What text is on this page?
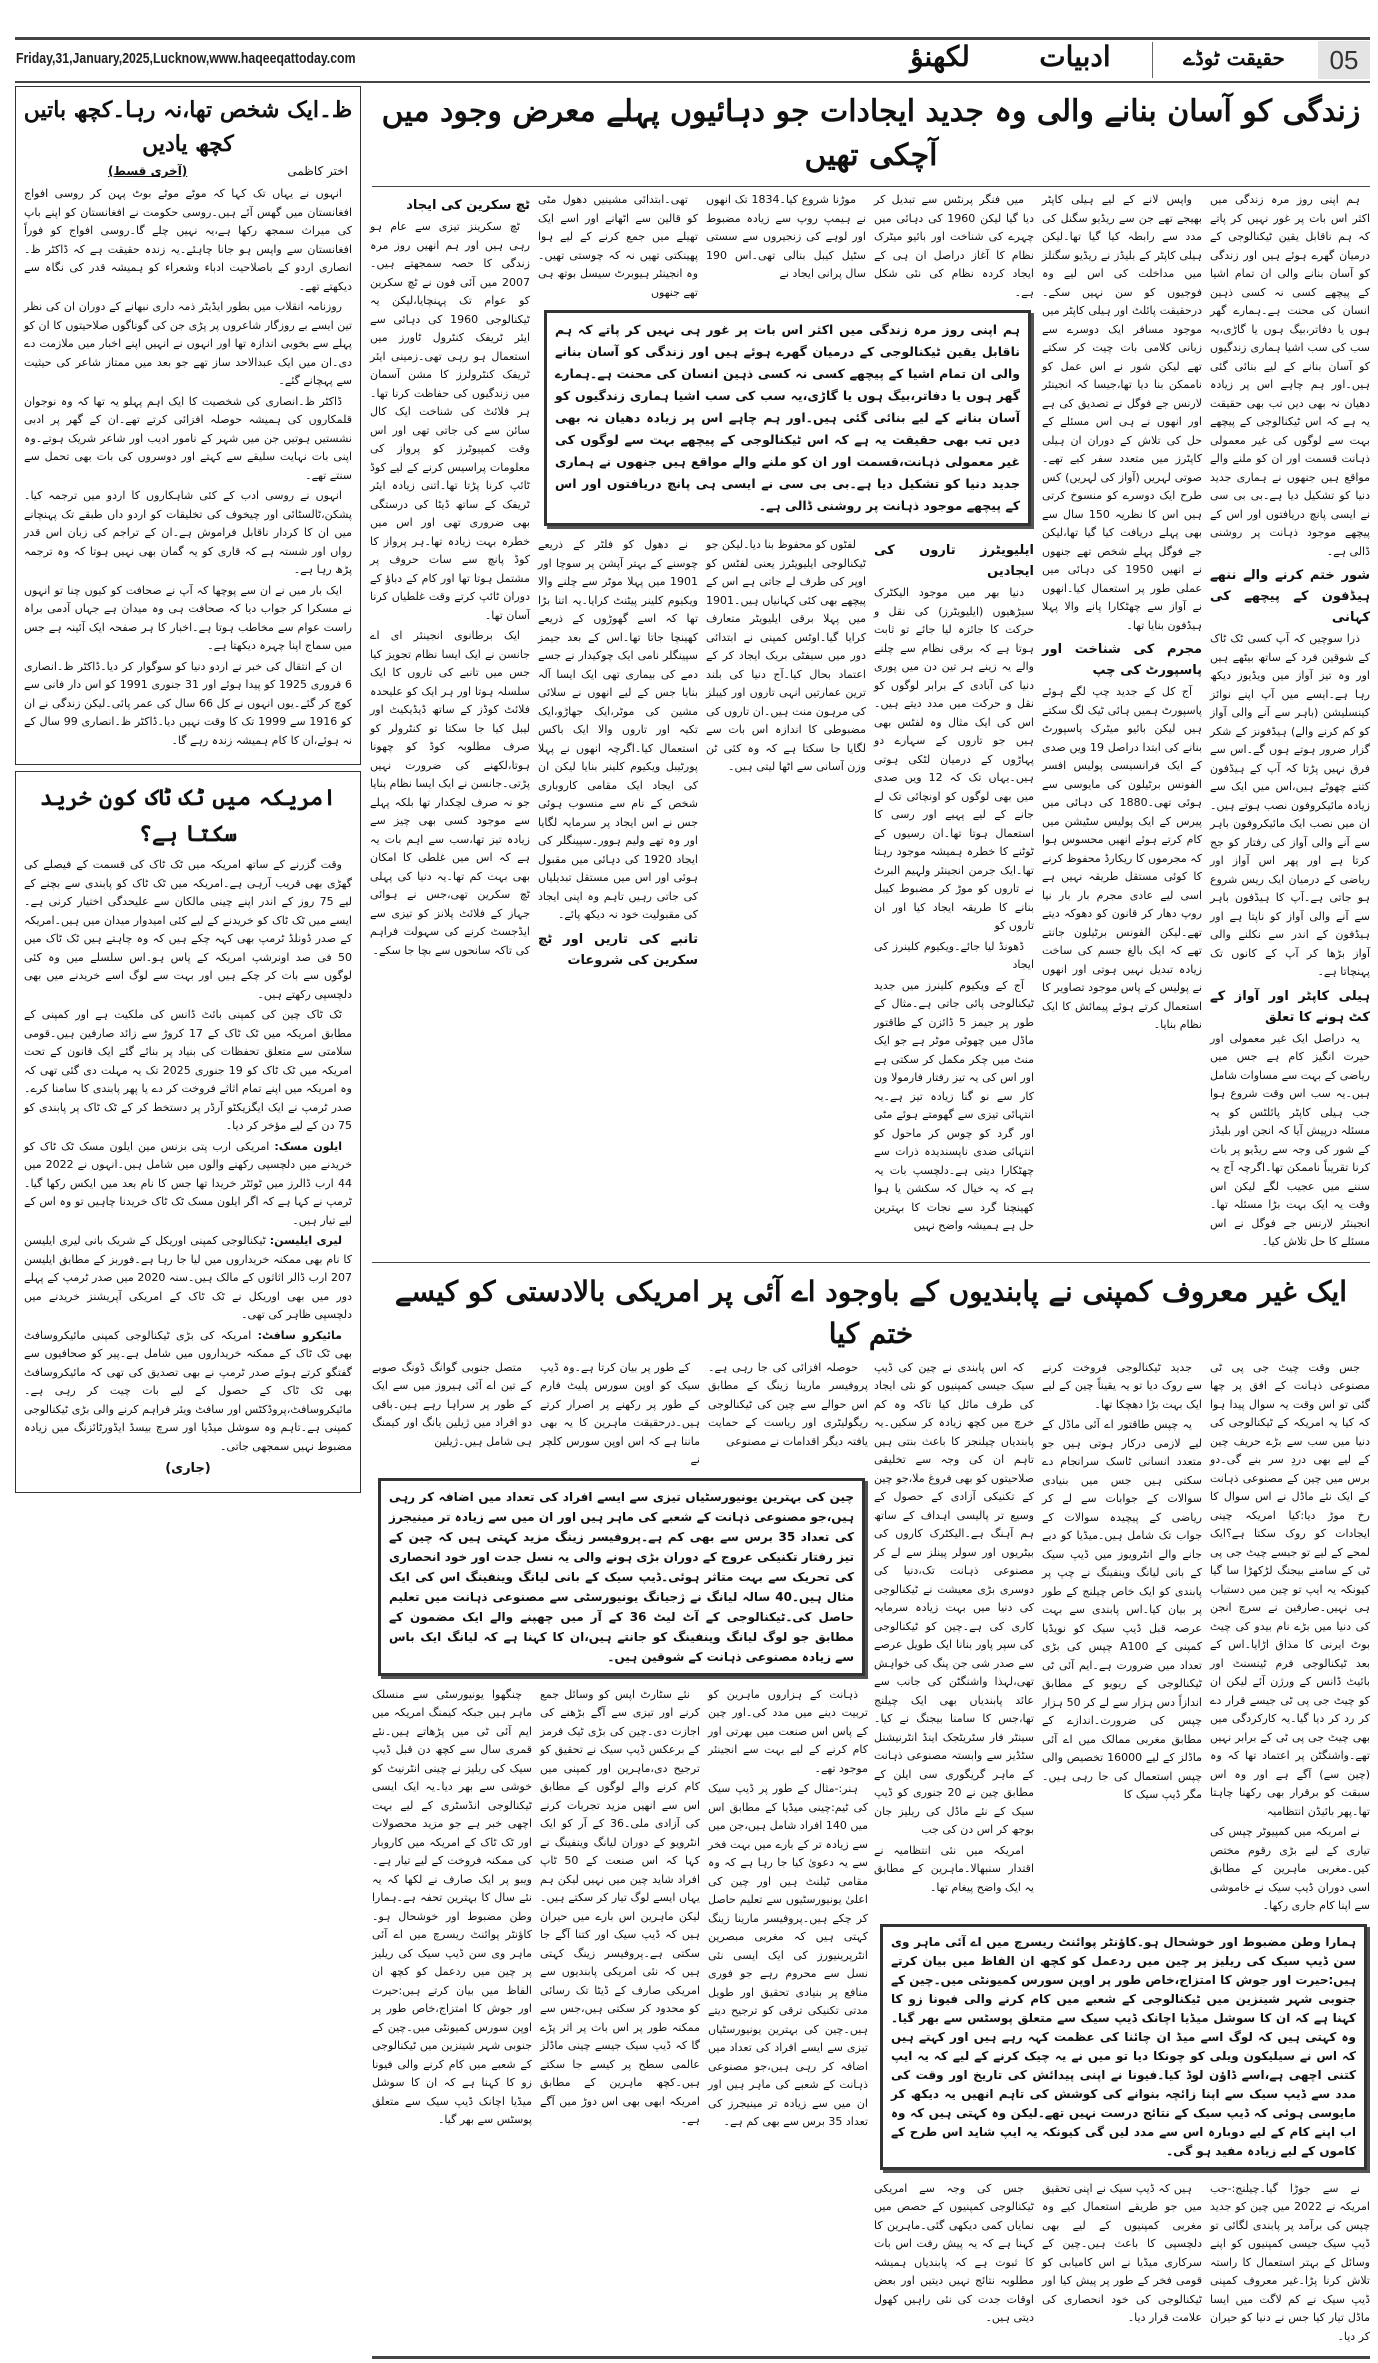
Friday,31,January,2025,Lucknow,www.haqeeqattoday.com	لکھنؤ	ادبیات	حقیقت ٹوڈے	05
ظ۔ایک شخص تھا،نہ رہا۔کچھ باتیں کچھ یادیں
اختر کاظمی
(آخری قسط)

انہوں نے یہاں تک کہا کہ موٹے موٹے بوٹ پہن کر روسی افواج افغانستان میں گھس آئے ہیں۔روسی حکومت نے افغانستان کو اپنے باپ کی میراث سمجھ رکھا ہے،یہ نہیں چلے گا۔روسی افواج کو فوراً افغانستان سے واپس ہو جانا چاہئے۔یہ زندہ حقیقت ہے کہ ڈاکٹر ظ۔انصاری اردو کے باصلاحیت ادباء وشعراء کو ہمیشہ قدر کی نگاہ سے دیکھتے تھے۔

روزنامہ انقلاب میں بطور ایڈیٹر ذمہ داری نبھانے کے دوران ان کی نظر تین ایسے بے روزگار شاعروں پر پڑی جن کی گوناگوں صلاحیتوں کا ان کو پہلے سے بخوبی اندازہ تھا اور انہوں نے انہیں اپنے اخبار میں ملازمت دے دی۔ان میں ایک عبدالاحد ساز تھے جو بعد میں ممتاز شاعر کی حیثیت سے پہچانے گئے۔

ڈاکٹر ظ۔انصاری کی شخصیت کا ایک اہم پہلو یہ تھا کہ وہ نوجوان قلمکاروں کی ہمیشہ حوصلہ افزائی کرتے تھے۔ان کے گھر پر ادبی نشستیں ہوتیں جن میں شہر کے نامور ادیب اور شاعر شریک ہوتے۔وہ اپنی بات نہایت سلیقے سے کہتے اور دوسروں کی بات بھی تحمل سے سنتے تھے۔

انہوں نے روسی ادب کے کئی شاہکاروں کا اردو میں ترجمہ کیا۔پشکن،ٹالسٹائی اور چیخوف کی تخلیقات کو اردو داں طبقے تک پہنچانے میں ان کا کردار ناقابل فراموش ہے۔ان کے تراجم کی زبان اس قدر رواں اور شستہ ہے کہ قاری کو یہ گمان بھی نہیں ہوتا کہ وہ ترجمہ پڑھ رہا ہے۔

ایک بار میں نے ان سے پوچھا کہ آپ نے صحافت کو کیوں چنا تو انہوں نے مسکرا کر جواب دیا کہ صحافت ہی وہ میدان ہے جہاں آدمی براہ راست عوام سے مخاطب ہوتا ہے۔اخبار کا ہر صفحہ ایک آئینہ ہے جس میں سماج اپنا چہرہ دیکھتا ہے۔

ان کے انتقال کی خبر نے اردو دنیا کو سوگوار کر دیا۔ڈاکٹر ظ۔انصاری 6 فروری 1925 کو پیدا ہوئے اور 31 جنوری 1991 کو اس دار فانی سے کوچ کر گئے۔یوں انہوں نے کل 66 سال کی عمر پائی۔لیکن زندگی نے ان کو 1916 سے 1999 تک کا وقت نہیں دیا۔ڈاکٹر ظ۔انصاری 99 سال کے نہ ہوئے،ان کا کام ہمیشہ زندہ رہے گا۔

امریکہ میں ٹک ٹاک کون خرید سکتا ہے؟

وقت گزرنے کے ساتھ امریکہ میں ٹک ٹاک کی قسمت کے فیصلے کی گھڑی بھی قریب آرہی ہے۔امریکہ میں ٹک ٹاک کو پابندی سے بچنے کے لیے 75 روز کے اندر اپنے چینی مالکان سے علیحدگی اختیار کرنی ہے۔ایسے میں ٹک ٹاک کو خریدنے کے لیے کئی امیدوار میدان میں ہیں۔امریکہ کے صدر ڈونلڈ ٹرمپ بھی کہہ چکے ہیں کہ وہ چاہتے ہیں ٹک ٹاک میں 50 فی صد اونرشپ امریکہ کے پاس ہو۔اس سلسلے میں وہ کئی لوگوں سے بات کر چکے ہیں اور بہت سے لوگ اسے خریدنے میں بھی دلچسپی رکھتے ہیں۔

ٹک ٹاک چین کی کمپنی بائٹ ڈانس کی ملکیت ہے اور کمپنی کے مطابق امریکہ میں ٹک ٹاک کے 17 کروڑ سے زائد صارفین ہیں۔قومی سلامتی سے متعلق تحفظات کی بنیاد پر بنائے گئے ایک قانون کے تحت امریکہ میں ٹک ٹاک کو 19 جنوری 2025 تک یہ مہلت دی گئی تھی کہ وہ امریکہ میں اپنے تمام اثاثے فروخت کر دے یا پھر پابندی کا سامنا کرے۔صدر ٹرمپ نے ایک ایگزیکٹو آرڈر پر دستخط کر کے ٹک ٹاک پر پابندی کو 75 دن کے لیے مؤخر کر دیا۔

ایلون مسک: امریکی ارب پتی بزنس مین ایلون مسک ٹک ٹاک کو خریدنے میں دلچسپی رکھنے والوں میں شامل ہیں۔انہوں نے 2022 میں 44 ارب ڈالرز میں ٹوئٹر خریدا تھا جس کا نام بعد میں ایکس رکھا گیا۔ٹرمپ نے کہا ہے کہ اگر ایلون مسک ٹک ٹاک خریدنا چاہیں تو وہ اس کے لیے تیار ہیں۔

لیری ایلیسن: ٹیکنالوجی کمپنی اوریکل کے شریک بانی لیری ایلیسن کا نام بھی ممکنہ خریداروں میں لیا جا رہا ہے۔فوربز کے مطابق ایلیسن 207 ارب ڈالر اثاثوں کے مالک ہیں۔سنہ 2020 میں صدر ٹرمپ کے پہلے دور میں بھی اوریکل نے ٹک ٹاک کے امریکی آپریشنز خریدنے میں دلچسپی ظاہر کی تھی۔

مائیکرو سافٹ: امریکہ کی بڑی ٹیکنالوجی کمپنی مائیکروسافٹ بھی ٹک ٹاک کے ممکنہ خریداروں میں شامل ہے۔پیر کو صحافیوں سے گفتگو کرتے ہوئے صدر ٹرمپ نے بھی تصدیق کی تھی کہ مائیکروسافٹ بھی ٹک ٹاک کے حصول کے لیے بات چیت کر رہی ہے۔مائیکروسافٹ،پروڈکٹس اور سافٹ ویئر فراہم کرنے والی بڑی ٹیکنالوجی کمپنی ہے۔تاہم وہ سوشل میڈیا اور سرچ بیسڈ ایڈورٹائزنگ میں زیادہ مضبوط نہیں سمجھی جاتی۔

(جاری)
زندگی کو آسان بنانے والی وہ جدید ایجادات جو دہائیوں پہلے معرض وجود میں آچکی تھیں

ہم اپنی روز مرہ زندگی میں اکثر اس بات پر غور نہیں کر پاتے کہ ہم ناقابل یقین ٹیکنالوجی کے درمیان گھرے ہوئے ہیں اور زندگی کو آسان بنانے والی ان تمام اشیا کے پیچھے کسی نہ کسی ذہین انسان کی محنت ہے۔ہمارے گھر ہوں یا دفاتر،بیگ ہوں یا گاڑی،یہ سب کی سب اشیا ہماری زندگیوں کو آسان بنانے کے لیے بنائی گئی ہیں۔اور ہم چاہے اس پر زیادہ دھیان نہ بھی دیں تب بھی حقیقت یہ ہے کہ اس ٹیکنالوجی کے پیچھے بہت سے لوگوں کی غیر معمولی ذہانت قسمت اور ان کو ملنے والے مواقع ہیں جنھوں نے ہماری جدید دنیا کو تشکیل دیا ہے۔بی بی سی نے ایسی پانچ دریافتوں اور اس کے پیچھے موجود ذہانت پر روشنی ڈالی ہے۔

شور ختم کرنے والے ننھے ہیڈفون کے پیچھے کی کہانی

ذرا سوچیں کہ آپ کسی ٹک ٹاک کے شوقین فرد کے ساتھ بیٹھے ہیں اور وہ تیز آواز میں ویڈیوز دیکھ رہا ہے۔ایسے میں آپ اپنے نوائز کینسلیشن (باہر سے آنے والی آواز کو کم کرنے والے) ہیڈفونز کے شکر گزار ضرور ہوتے ہوں گے۔اس سے فرق نہیں پڑتا کہ آپ کے ہیڈفون کتنے چھوٹے ہیں،اس میں ایک سے زیادہ مائیکروفون نصب ہوتے ہیں۔ان میں نصب ایک مائیکروفون باہر سے آنے والی آواز کی رفتار کو جج کرتا ہے اور پھر اس آواز اور ریاضی کے درمیان ایک ریس شروع ہو جاتی ہے۔آپ کا ہیڈفون باہر سے آنے والی آواز کو ناپتا ہے اور ہیڈفون کے اندر سے نکلنے والی آواز بڑھا کر آپ کے کانوں تک پہنچاتا ہے۔

ہیلی کاپٹر اور آواز کے کٹ ہونے کا تعلق

یہ دراصل ایک غیر معمولی اور حیرت انگیز کام ہے جس میں ریاضی کے بہت سے مساوات شامل ہیں۔یہ سب اس وقت شروع ہوا جب ہیلی کاپٹر پائلٹس کو یہ مسئلہ درپیش آیا کہ انجن اور بلیڈز کے شور کی وجہ سے ریڈیو پر بات کرنا تقریباً ناممکن تھا۔اگرچہ آج یہ سننے میں عجیب لگے لیکن اس وقت یہ ایک بہت بڑا مسئلہ تھا۔انجینئر لارنس جے فوگل نے اس مسئلے کا حل تلاش کیا۔

واپس لانے کے لیے ہیلی کاپٹر بھیجے تھے جن سے ریڈیو سگنل کی مدد سے رابطہ کیا گیا تھا۔لیکن ہیلی کاپٹر کے بلیڈز نے ریڈیو سگنلز میں مداخلت کی اس لیے وہ فوجیوں کو سن نہیں سکے۔درحقیقت پائلٹ اور ہیلی کاپٹر میں موجود مسافر ایک دوسرے سے زبانی کلامی بات چیت کر سکتے تھے لیکن شور نے اس عمل کو ناممکن بنا دیا تھا،جیسا کہ انجینئر لارنس جے فوگل نے تصدیق کی ہے اور انھوں نے ہی اس مسئلے کے حل کی تلاش کے دوران ان ہیلی کاپٹرز میں متعدد سفر کیے تھے۔صوتی لہریں (آواز کی لہریں) کس طرح ایک دوسرے کو منسوخ کرتی ہیں اس کا نظریہ 150 سال سے بھی پہلے دریافت کیا گیا تھا،لیکن جے فوگل پہلے شخص تھے جنھوں نے انھیں 1950 کی دہائی میں عملی طور پر استعمال کیا۔انھوں نے آواز سے چھٹکارا پانے والا پہلا ہیڈفون بنایا تھا۔

مجرم کی شناخت اور پاسپورٹ کی چپ

آج کل کے جدید چپ لگے ہوئے پاسپورٹ ہمیں ہائی ٹیک لگ سکتے ہیں لیکن بائیو میٹرک پاسپورٹ بنانے کی ابتدا دراصل 19 ویں صدی کے ایک فرانسیسی پولیس افسر الفونس برٹیلون کی مایوسی سے ہوئی تھی۔1880 کی دہائی میں پیرس کے ایک پولیس سٹیشن میں کام کرتے ہوئے انھیں محسوس ہوا کہ مجرموں کا ریکارڈ محفوظ کرنے کا کوئی مستقل طریقہ نہیں ہے اسی لیے عادی مجرم بار بار نیا روپ دھار کر قانون کو دھوکہ دیتے تھے۔لیکن الفونس برٹیلون جانتے تھے کہ ایک بالغ جسم کی ساخت زیادہ تبدیل نہیں ہوتی اور انھوں نے پولیس کے پاس موجود تصاویر کا استعمال کرتے ہوئے پیمائش کا ایک نظام بنایا۔

میں فنگر پرنٹس سے تبدیل کر دیا گیا لیکن 1960 کی دہائی میں چہرے کی شناخت اور بائیو میٹرک نظام کا آغاز دراصل ان ہی کے ایجاد کردہ نظام کی نئی شکل ہے۔

موڑنا شروع کیا۔1834 تک انھوں نے ہیمپ روپ سے زیادہ مضبوط اور لوہے کی زنجیروں سے سستی سٹیل کیبل بنالی تھی۔اس 190 سال پرانی ایجاد نے

تھی۔ابتدائی مشینیں دھول مٹی کو قالین سے اٹھانے اور اسے ایک تھیلے میں جمع کرنے کے لیے ہوا پھینکتی تھیں نہ کہ چوستی تھیں۔وہ انجینئر ہیوبرٹ سیسل بوتھ ہی تھے جنھوں

ہم اپنی روز مرہ زندگی میں اکثر اس بات پر غور ہی نہیں کر پاتے کہ ہم ناقابل یقین ٹیکنالوجی کے درمیان گھرے ہوئے ہیں اور زندگی کو آسان بنانے والی ان تمام اشیا کے پیچھے کسی نہ کسی ذہین انسان کی محنت ہے۔ہمارے گھر ہوں یا دفاتر،بیگ ہوں یا گاڑی،یہ سب کی سب اشیا ہماری زندگیوں کو آسان بنانے کے لیے بنائی گئی ہیں۔اور ہم چاہے اس پر زیادہ دھیان نہ بھی دیں تب بھی حقیقت یہ ہے کہ اس ٹیکنالوجی کے پیچھے بہت سے لوگوں کی غیر معمولی ذہانت،قسمت اور ان کو ملنے والے مواقع ہیں جنھوں نے ہماری جدید دنیا کو تشکیل دیا ہے۔بی بی سی نے ایسی ہی پانچ دریافتوں اور اس کے پیچھے موجود ذہانت پر روشنی ڈالی ہے۔

ایلیویٹرز تاروں کی ایجادیں

دنیا بھر میں موجود الیکٹرک سیڑھیوں (ایلیویٹرز) کی نقل و حرکت کا جائزہ لیا جائے تو ثابت ہوتا ہے کہ برقی نظام سے چلنے والے یہ زینے ہر تین دن میں پوری دنیا کی آبادی کے برابر لوگوں کو نقل و حرکت میں مدد دیتے ہیں۔اس کی ایک مثال وہ لفٹس بھی ہیں جو تاروں کے سہارے دو پہاڑوں کے درمیان لٹکی ہوتی ہیں۔یہاں تک کہ 12 ویں صدی میں بھی لوگوں کو اونچائی تک لے جانے کے لیے پہیے اور رسی کا استعمال ہوتا تھا۔ان رسیوں کے ٹوٹنے کا خطرہ ہمیشہ موجود رہتا تھا۔ایک جرمن انجینئر ولہیم البرٹ نے تاروں کو موڑ کر مضبوط کیبل بنانے کا طریقہ ایجاد کیا اور ان تاروں کو

ڈھونڈ لیا جائے۔ویکیوم کلینرز کی ایجاد

آج کے ویکیوم کلینرز میں جدید ٹیکنالوجی پائی جاتی ہے۔مثال کے طور پر جیمز 5 ڈائزن کے طاقتور ماڈل میں چھوٹی موٹر ہے جو ایک منٹ میں چکر مکمل کر سکتی ہے اور اس کی یہ تیز رفتار فارمولا ون کار سے نو گنا زیادہ تیز ہے۔یہ انتہائی تیزی سے گھومتے ہوئے مٹی اور گرد کو چوس کر ماحول کو انتہائی ضدی ناپسندیدہ ذرات سے چھٹکارا دیتی ہے۔دلچسپ بات یہ ہے کہ یہ خیال کہ سکشن یا ہوا کھینچنا گرد سے نجات کا بہترین حل ہے ہمیشہ واضح نہیں

لفٹوں کو محفوظ بنا دیا۔لیکن جو ٹیکنالوجی ایلیویٹرز یعنی لفٹس کو اوپر کی طرف لے جاتی ہے اس کے پیچھے بھی کئی کہانیاں ہیں۔1901 میں پہلا برقی ایلیویٹر متعارف کرایا گیا۔اوٹس کمپنی نے ابتدائی دور میں سیفٹی بریک ایجاد کر کے اعتماد بحال کیا۔آج دنیا کی بلند ترین عمارتیں انہی تاروں اور کیبلز کی مرہون منت ہیں۔ان تاروں کی مضبوطی کا اندازہ اس بات سے لگایا جا سکتا ہے کہ وہ کئی ٹن وزن آسانی سے اٹھا لیتی ہیں۔

نے دھول کو فلٹر کے ذریعے چوسنے کے بہتر آپشن پر سوچا اور 1901 میں پہلا موٹر سے چلنے والا ویکیوم کلینر پیٹنٹ کرایا۔یہ اتنا بڑا تھا کہ اسے گھوڑوں کے ذریعے کھینچا جاتا تھا۔اس کے بعد جیمز سپینگلر نامی ایک چوکیدار نے جسے دمے کی بیماری تھی ایک ایسا آلہ بنایا جس کے لیے انھوں نے سلائی مشین کی موٹر،ایک جھاڑو،ایک تکیہ اور تاروں والا ایک باکس استعمال کیا۔اگرچہ انھوں نے پہلا پورٹیبل ویکیوم کلینر بنایا لیکن ان کی ایجاد ایک مقامی کاروباری شخص کے نام سے منسوب ہوئی جس نے اس ایجاد پر سرمایہ لگایا اور وہ تھے ولیم ہوور۔سپینگلر کی ایجاد 1920 کی دہائی میں مقبول ہوئی اور اس میں مستقل تبدیلیاں کی جاتی رہیں تاہم وہ اپنی ایجاد کی مقبولیت خود نہ دیکھ پائے۔

تانبے کی تاریں اور ٹچ سکرین کی شروعات

ٹچ سکرین کی ایجاد

ٹچ سکرینز تیزی سے عام ہو رہی ہیں اور ہم انھیں روز مرہ زندگی کا حصہ سمجھتے ہیں۔2007 میں آئی فون نے ٹچ سکرین کو عوام تک پہنچایا،لیکن یہ ٹیکنالوجی 1960 کی دہائی سے ایئر ٹریفک کنٹرول ٹاورز میں استعمال ہو رہی تھی۔زمینی ایئر ٹریفک کنٹرولرز کا مشن آسمان میں زندگیوں کی حفاظت کرنا تھا۔ہر فلائٹ کی شناخت ایک کال سائن سے کی جاتی تھی اور اس وقت کمپیوٹرز کو پرواز کی معلومات پراسیس کرنے کے لیے کوڈ ٹائپ کرنا پڑتا تھا۔اتنی زیادہ ایئر ٹریفک کے ساتھ ڈیٹا کی درستگی بھی ضروری تھی اور اس میں خطرہ بہت زیادہ تھا۔ہر پرواز کا کوڈ پانچ سے سات حروف پر مشتمل ہوتا تھا اور کام کے دباؤ کے دوران ٹائپ کرتے وقت غلطیاں کرنا آسان تھا۔

ایک برطانوی انجینئر ای اے جانسن نے ایک ایسا نظام تجویز کیا جس میں تانبے کی تاروں کا ایک سلسلہ ہوتا اور ہر ایک کو علیحدہ فلائٹ کوڈز کے ساتھ ڈیڈیکیٹ اور لیبل کیا جا سکتا تو کنٹرولر کو صرف مطلوبہ کوڈ کو چھونا ہوتا،لکھنے کی ضرورت نہیں پڑتی۔جانسن نے ایک ایسا نظام بنایا جو نہ صرف لچکدار تھا بلکہ پہلے سے موجود کسی بھی چیز سے زیادہ تیز تھا،سب سے اہم بات یہ ہے کہ اس میں غلطی کا امکان بھی بہت کم تھا۔یہ دنیا کی پہلی ٹچ سکرین تھی،جس نے ہوائی جہاز کے فلائٹ پلانز کو تیزی سے ایڈجسٹ کرنے کی سہولت فراہم کی تاکہ سانحوں سے بچا جا سکے۔

ایک غیر معروف کمپنی نے پابندیوں کے باوجود اے آئی پر امریکی بالادستی کو کیسے ختم کیا

جس وقت چیٹ جی پی ٹی مصنوعی ذہانت کے افق پر چھا گئی تو اس وقت یہ سوال پیدا ہوا کہ کیا یہ امریکہ کے ٹیکنالوجی کی دنیا میں سب سے بڑے حریف چین کے لیے بھی دردِ سر بنے گی۔دو برس میں چین کے مصنوعی ذہانت کے ایک نئے ماڈل نے اس سوال کا رخ موڑ دیا:کیا امریکہ چینی ایجادات کو روک سکتا ہے؟ایک لمحے کے لیے تو جیسے چیٹ جی پی ٹی کے سامنے بیجنگ لڑکھڑا سا گیا کیونکہ یہ ایپ تو چین میں دستیاب ہی نہیں۔صارفین نے سرچ انجن کی دنیا میں بڑے نام بیدو کی چیٹ بوٹ ایرنی کا مذاق اڑایا۔اس کے بعد ٹیکنالوجی فرم ٹینسنٹ اور بائیٹ ڈانس کے ورژن آئے لیکن ان کو چیٹ جی پی ٹی جیسے قرار دے کر رد کر دیا گیا۔یہ کارکردگی میں بھی چیٹ جی پی ٹی کے برابر نہیں تھے۔واشنگٹن پر اعتماد تھا کہ وہ (چین سے) آگے ہے اور وہ اس سبقت کو برقرار بھی رکھنا چاہتا تھا۔پھر بائیڈن انتظامیہ

نے امریکہ میں کمپیوٹر چپس کی تیاری کے لیے بڑی رقوم مختص کیں۔مغربی ماہرین کے مطابق اسی دوران ڈیپ سیک نے خاموشی سے اپنا کام جاری رکھا۔

جدید ٹیکنالوجی فروخت کرنے سے روک دیا تو یہ یقیناً چین کے لیے ایک بہت بڑا دھچکا تھا۔

یہ چپس طاقتور اے آئی ماڈل کے لیے لازمی درکار ہوتی ہیں جو متعدد انسانی ٹاسک سرانجام دے سکتی ہیں جس میں بنیادی سوالات کے جوابات سے لے کر ریاضی کے پیچیدہ سوالات کے جواب تک شامل ہیں۔میڈیا کو دیے جانے والے انٹرویوز میں ڈیپ سیک کے بانی لیانگ وینفینگ نے چپ پر پابندی کو ایک خاص چیلنج کے طور پر بیان کیا۔اس پابندی سے بہت عرصہ قبل ڈیپ سیک کو نویڈیا کمپنی کے A100 چپس کی بڑی تعداد میں ضرورت ہے۔ایم آئی ٹی ٹیکنالوجی کے ریویو کے مطابق اندازاً دس ہزار سے لے کر 50 ہزار چپس کی ضرورت۔اندازے کے مطابق مغربی ممالک میں اے آئی ماڈلز کے لیے 16000 تخصیص والی چپس استعمال کی جا رہی ہیں۔مگر ڈیپ سیک کا

کہ اس پابندی نے چین کی ڈیپ سیک جیسی کمپنیوں کو نئی ایجاد کی طرف مائل کیا تاکہ وہ کم خرچ میں کچھ زیادہ کر سکیں۔یہ پابندیاں چیلنجز کا باعث بنتی ہیں تاہم ان کی وجہ سے تخلیقی صلاحیتوں کو بھی فروغ ملا،جو چین کے تکنیکی آزادی کے حصول کے وسیع تر پالیسی اہداف کے ساتھ ہم آہنگ ہے۔الیکٹرک کاروں کی بیٹریوں اور سولر پینلز سے لے کر مصنوعی ذہانت تک،دنیا کی دوسری بڑی معیشت نے ٹیکنالوجی کی دنیا میں بہت زیادہ سرمایہ کاری کی ہے۔چین کو ٹیکنالوجی کی سپر پاور بنانا ایک طویل عرصے سے صدر شی جن پنگ کی خواہش تھی،لہذا واشنگٹن کی جانب سے عائد پابندیاں بھی ایک چیلنج تھا،جس کا سامنا بیجنگ نے کیا۔سینٹر فار سٹریٹجک اینڈ انٹرنیشنل سٹڈیز سے وابستہ مصنوعی ذہانت کے ماہر گریگوری سی ایلن کے مطابق چین نے 20 جنوری کو ڈیپ سیک کے نئے ماڈل کی ریلیز جان بوجھ کر اس دن کی جب

امریکہ میں نئی انتظامیہ نے اقتدار سنبھالا۔ماہرین کے مطابق یہ ایک واضح پیغام تھا۔

ہمارا وطن مضبوط اور خوشحال ہو۔کاؤنٹر پوائنٹ ریسرچ میں اے آئی ماہر وی سن ڈیپ سیک کی ریلیز پر چین میں ردعمل کو کچھ ان الفاظ میں بیان کرتے ہیں:حیرت اور جوش کا امتزاج،خاص طور پر اوپن سورس کمیونٹی میں۔چین کے جنوبی شہر شینزین میں ٹیکنالوجی کے شعبے میں کام کرنے والی فیونا زو کا کہنا ہے کہ ان کا سوشل میڈیا اچانک ڈیپ سیک سے متعلق پوسٹس سے بھر گیا۔وہ کہتی ہیں کہ لوگ اسے میڈ ان چائنا کی عظمت کہہ رہے ہیں اور کہتے ہیں کہ اس نے سیلیکون ویلی کو چونکا دیا تو میں نے یہ چیک کرنے کے لیے کہ یہ ایپ کتنی اچھی ہے،اسے ڈاؤن لوڈ کیا۔فیونا نے اپنی پیدائش کی تاریخ اور وقت کی مدد سے ڈیپ سیک سے اپنا زائچہ بنوانے کی کوشش کی تاہم انھیں یہ دیکھ کر مایوسی ہوئی کہ ڈیپ سیک کے نتائج درست نہیں تھے۔لیکن وہ کہتی ہیں کہ وہ اب اپنے کام کے لیے دوبارہ اس سے مدد لیں گی کیونکہ یہ ایپ شاید اس طرح کے کاموں کے لیے زیادہ مفید ہو گی۔

نے سے جوڑا گیا۔چیلنج:-جب امریکہ نے 2022 میں چین کو جدید چپس کی برآمد پر پابندی لگائی تو ڈیپ سیک جیسی کمپنیوں کو اپنے وسائل کے بہتر استعمال کا راستہ تلاش کرنا پڑا۔غیر معروف کمپنی ڈیپ سیک نے کم لاگت میں ایسا ماڈل تیار کیا جس نے دنیا کو حیران کر دیا۔

ہیں کہ ڈیپ سیک نے اپنی تحقیق میں جو طریقے استعمال کیے وہ مغربی کمپنیوں کے لیے بھی دلچسپی کا باعث ہیں۔چین کے سرکاری میڈیا نے اس کامیابی کو قومی فخر کے طور پر پیش کیا اور ٹیکنالوجی کی خود انحصاری کی علامت قرار دیا۔

جس کی وجہ سے امریکی ٹیکنالوجی کمپنیوں کے حصص میں نمایاں کمی دیکھی گئی۔ماہرین کا کہنا ہے کہ یہ پیش رفت اس بات کا ثبوت ہے کہ پابندیاں ہمیشہ مطلوبہ نتائج نہیں دیتیں اور بعض اوقات جدت کی نئی راہیں کھول دیتی ہیں۔

حوصلہ افزائی کی جا رہی ہے۔پروفیسر مارینا زینگ کے مطابق اس حوالے سے چین کی ٹیکنالوجی ریگولیٹری اور ریاست کے حمایت یافتہ دیگر اقدامات نے مصنوعی

کے طور پر بیان کرتا ہے۔وہ ڈیپ سیک کو اوپن سورس پلیٹ فارم کے طور پر رکھنے پر اصرار کرتے ہیں۔درحقیقت ماہرین کا یہ بھی ماننا ہے کہ اس اوپن سورس کلچر نے

متصل جنوبی گوانگ ڈونگ صوبے کے تین اے آئی ہیروز میں سے ایک کے طور پر سراہا رہے ہیں۔باقی دو افراد میں ژیلین یانگ اور کیمنگ ہی شامل ہیں۔ژیلین

چین کی بہترین یونیورسٹیاں تیزی سے ایسے افراد کی تعداد میں اضافہ کر رہی ہیں،جو مصنوعی ذہانت کے شعبے کی ماہر ہیں اور ان میں سے زیادہ تر مینیجرز کی تعداد 35 برس سے بھی کم ہے۔پروفیسر زینگ مزید کہتی ہیں کہ چین کے تیز رفتار تکنیکی عروج کے دوران بڑی ہونے والی یہ نسل جدت اور خود انحصاری کی تحریک سے بہت متاثر ہوئی۔ڈیپ سیک کے بانی لیانگ وینفینگ اس کی ایک مثال ہیں۔40 سالہ لیانگ نے ژجیانگ یونیورسٹی سے مصنوعی ذہانت میں تعلیم حاصل کی۔ٹیکنالوجی کے آٹ لیٹ 36 کے آر میں چھپنے والے ایک مضمون کے مطابق جو لوگ لیانگ وینفینگ کو جانتے ہیں،ان کا کہنا ہے کہ لیانگ ایک باس سے زیادہ مصنوعی ذہانت کے شوقین ہیں۔

ذہانت کے ہزاروں ماہرین کو تربیت دینے میں مدد کی۔اور چین کے پاس اس صنعت میں بھرتی اور کام کرنے کے لیے بہت سے انجینئر موجود تھے۔

ہنر:-مثال کے طور پر ڈیپ سیک کی ٹیم:چینی میڈیا کے مطابق اس میں 140 افراد شامل ہیں،جن میں سے زیادہ تر کے بارے میں بہت فخر سے یہ دعویٰ کیا جا رہا ہے کہ وہ مقامی ٹیلنٹ ہیں اور چین کی اعلیٰ یونیورسٹیوں سے تعلیم حاصل کر چکے ہیں۔پروفیسر مارینا زینگ کہتی ہیں کہ مغربی مبصرین انٹرپرینیورز کی ایک ایسی نئی نسل سے محروم رہے جو فوری منافع پر بنیادی تحقیق اور طویل مدتی تکنیکی ترقی کو ترجیح دیتے ہیں۔چین کی بہترین یونیورسٹیاں تیزی سے ایسے افراد کی تعداد میں اضافہ کر رہی ہیں،جو مصنوعی ذہانت کے شعبے کی ماہر ہیں اور ان میں سے زیادہ تر مینیجرز کی تعداد 35 برس سے بھی کم ہے۔

نئے سٹارٹ اپس کو وسائل جمع کرنے اور تیزی سے آگے بڑھنے کی اجازت دی۔چین کی بڑی ٹیک فرمز کے برعکس ڈیپ سیک نے تحقیق کو ترجیح دی،ماہرین اور کمپنی میں کام کرنے والے لوگوں کے مطابق اس سے انھیں مزید تجربات کرنے کی آزادی ملی۔36 کے آر کو ایک انٹرویو کے دوران لیانگ وینفینگ نے کہا کہ اس صنعت کے 50 ٹاپ افراد شاید چین میں نہیں لیکن ہم یہاں ایسے لوگ تیار کر سکتے ہیں۔لیکن ماہرین اس بارے میں حیران ہیں کہ ڈیپ سیک اور کتنا آگے جا سکتی ہے۔پروفیسر زینگ کہتی ہیں کہ نئی امریکی پابندیوں سے امریکی صارف کے ڈیٹا تک رسائی کو محدود کر سکتی ہیں،جس سے ممکنہ طور پر اس بات پر اثر پڑے گا کہ ڈیپ سیک جیسے چینی ماڈلز عالمی سطح پر کیسے جا سکتے ہیں۔کچھ ماہرین کے مطابق امریکہ ابھی بھی اس دوڑ میں آگے ہے۔

چنگھوا یونیورسٹی سے منسلک ماہر ہیں جبکہ کیمنگ امریکہ میں ایم آئی ٹی میں پڑھاتے ہیں۔نئے قمری سال سے کچھ دن قبل ڈیپ سیک کی ریلیز نے چینی انٹرنیٹ کو خوشی سے بھر دیا۔یہ ایک ایسی ٹیکنالوجی انڈسٹری کے لیے بہت اچھی خبر ہے جو مزید محصولات اور ٹک ٹاک کے امریکہ میں کاروبار کی ممکنہ فروخت کے لیے تیار ہے۔ویبو پر ایک صارف نے لکھا کہ یہ نئے سال کا بہترین تحفہ ہے۔ہمارا وطن مضبوط اور خوشحال ہو۔کاؤنٹر پوائنٹ ریسرچ میں اے آئی ماہر وی سن ڈیپ سیک کی ریلیز پر چین میں ردعمل کو کچھ ان الفاظ میں بیان کرتے ہیں:حیرت اور جوش کا امتزاج،خاص طور پر اوپن سورس کمیونٹی میں۔چین کے جنوبی شہر شینزین میں ٹیکنالوجی کے شعبے میں کام کرنے والی فیونا زو کا کہنا ہے کہ ان کا سوشل میڈیا اچانک ڈیپ سیک سے متعلق پوسٹس سے بھر گیا۔
